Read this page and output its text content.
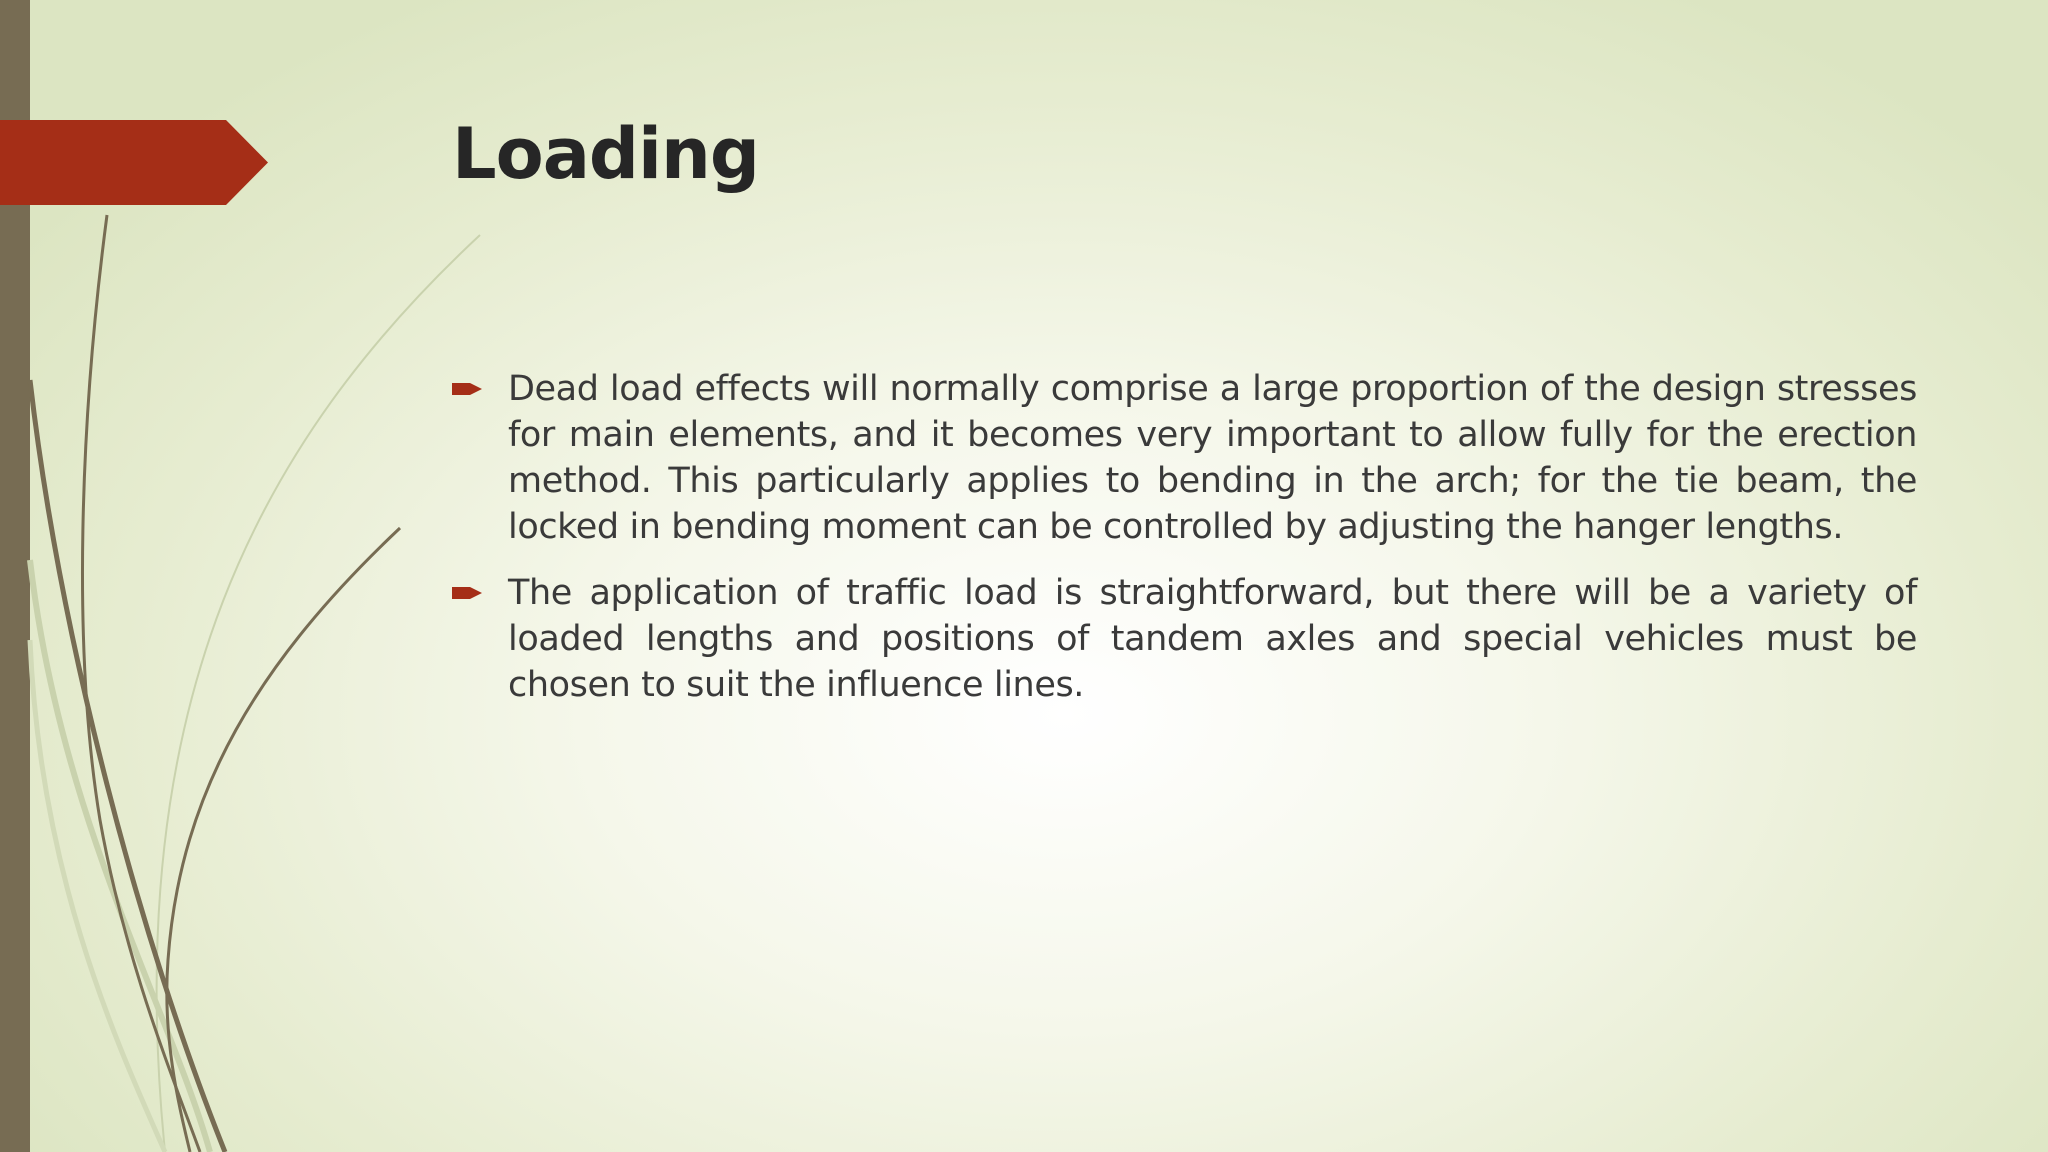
Loading

Dead load effects will normally comprise a large proportion of the design stresses for main elements, and it becomes very important to allow fully for the erection method. This particularly applies to bending in the arch; for the tie beam, the locked in bending moment can be controlled by adjusting the hanger lengths.

The application of traffic load is straightforward, but there will be a variety of loaded lengths and positions of tandem axles and special vehicles must be chosen to suit the influence lines.
